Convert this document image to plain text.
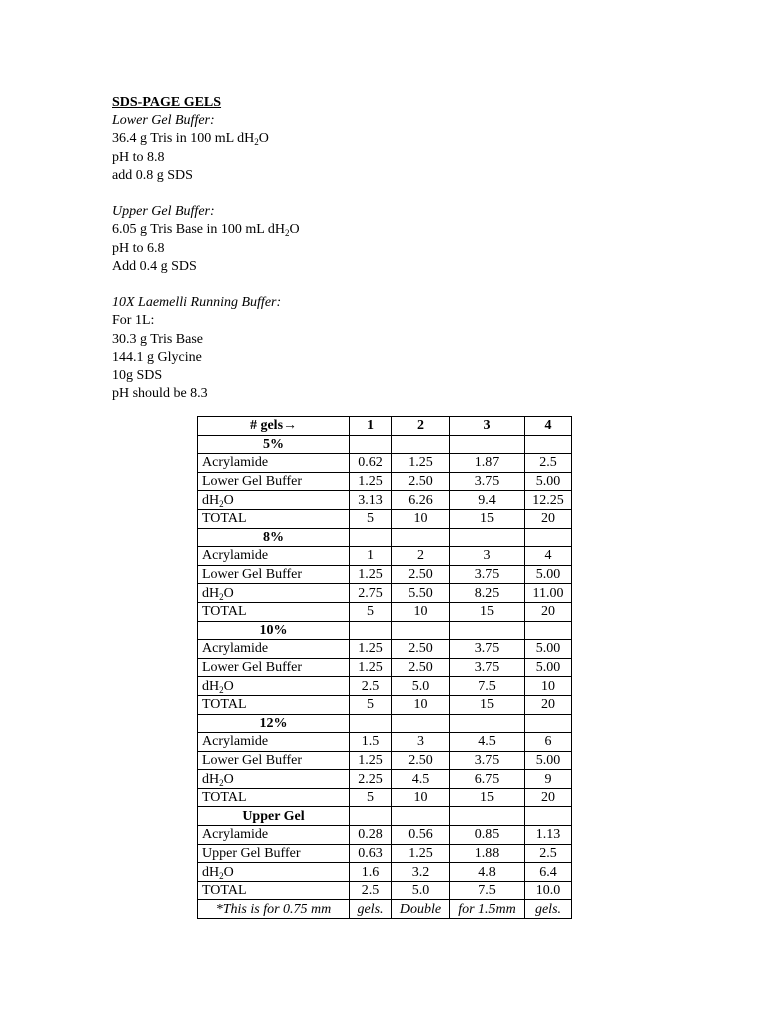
SDS-PAGE GELS
Lower Gel Buffer:
36.4 g Tris in 100 mL $dH_2O$
pH to 8.8
add 0.8 g SDS
Upper Gel Buffer:
6.05 g Tris Base in 100 mL $dH_2O$
pH to 6.8
Add 0.4 g SDS
10X Laemelli Running Buffer:
For 1L:
30.3 g Tris Base
144.1 g Glycine
10g SDS
pH should be 8.3
# gels→	1	2	3	4
5%				
Acrylamide	0.62	1.25	1.87	2.5
Lower Gel Buffer	1.25	2.50	3.75	5.00
$dH_2O$	3.13	6.26	9.4	12.25
TOTAL	5	10	15	20
8%				
Acrylamide	1	2	3	4
Lower Gel Buffer	1.25	2.50	3.75	5.00
$dH_2O$	2.75	5.50	8.25	11.00
TOTAL	5	10	15	20
10%				
Acrylamide	1.25	2.50	3.75	5.00
Lower Gel Buffer	1.25	2.50	3.75	5.00
$dH_2O$	2.5	5.0	7.5	10
TOTAL	5	10	15	20
12%				
Acrylamide	1.5	3	4.5	6
Lower Gel Buffer	1.25	2.50	3.75	5.00
$dH_2O$	2.25	4.5	6.75	9
TOTAL	5	10	15	20
Upper Gel				
Acrylamide	0.28	0.56	0.85	1.13
Upper Gel Buffer	0.63	1.25	1.88	2.5
$dH_2O$	1.6	3.2	4.8	6.4
TOTAL	2.5	5.0	7.5	10.0
*This is for 0.75 mm	gels.	Double	for 1.5mm	gels.
